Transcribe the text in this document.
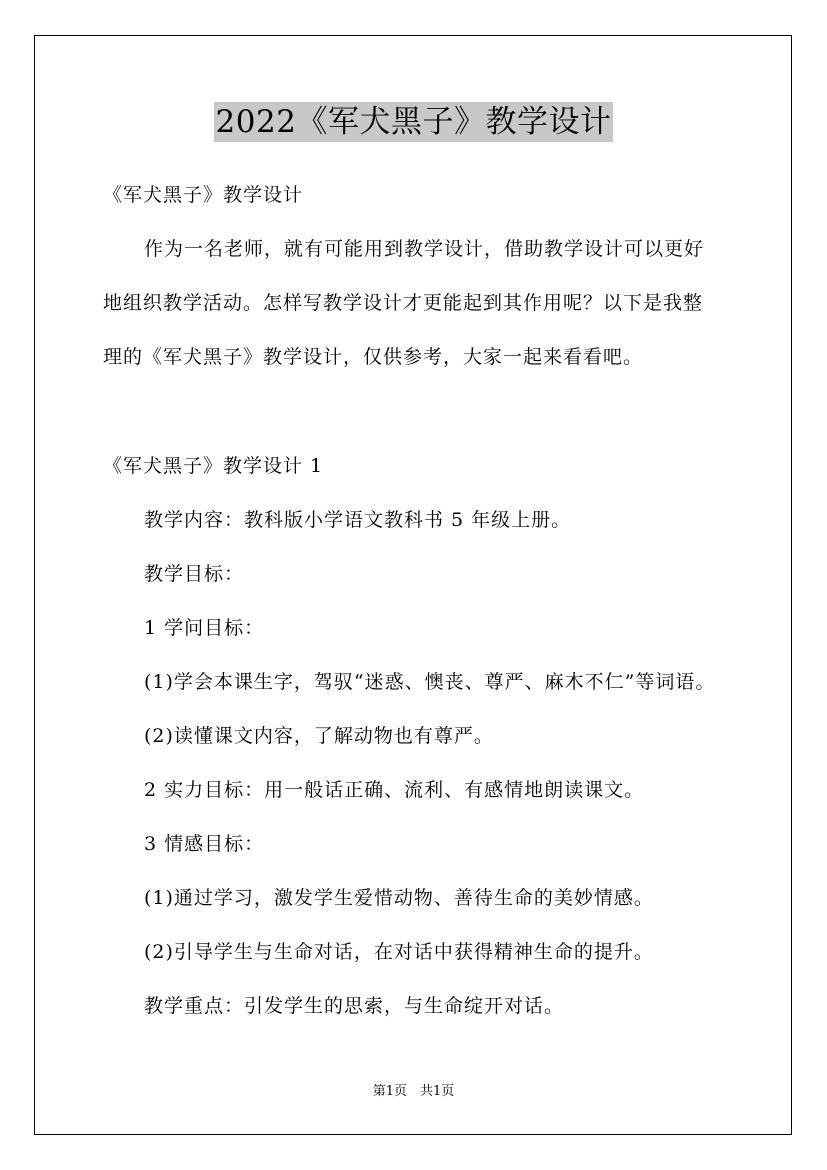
2022《军犬黑子》教学设计
《军犬黑子》教学设计
作为一名老师，就有可能用到教学设计，借助教学设计可以更好
地组织教学活动。怎样写教学设计才更能起到其作用呢？以下是我整
理的《军犬黑子》教学设计，仅供参考，大家一起来看看吧。
《军犬黑子》教学设计 1
教学内容：教科版小学语文教科书 5 年级上册。
教学目标：
1 学问目标：
(1)学会本课生字，驾驭“迷惑、懊丧、尊严、麻木不仁”等词语。
(2)读懂课文内容，了解动物也有尊严。
2 实力目标：用一般话正确、流利、有感情地朗读课文。
3 情感目标：
(1)通过学习，激发学生爱惜动物、善待生命的美妙情感。
(2)引导学生与生命对话，在对话中获得精神生命的提升。
教学重点：引发学生的思索，与生命绽开对话。
第1页　共1页
